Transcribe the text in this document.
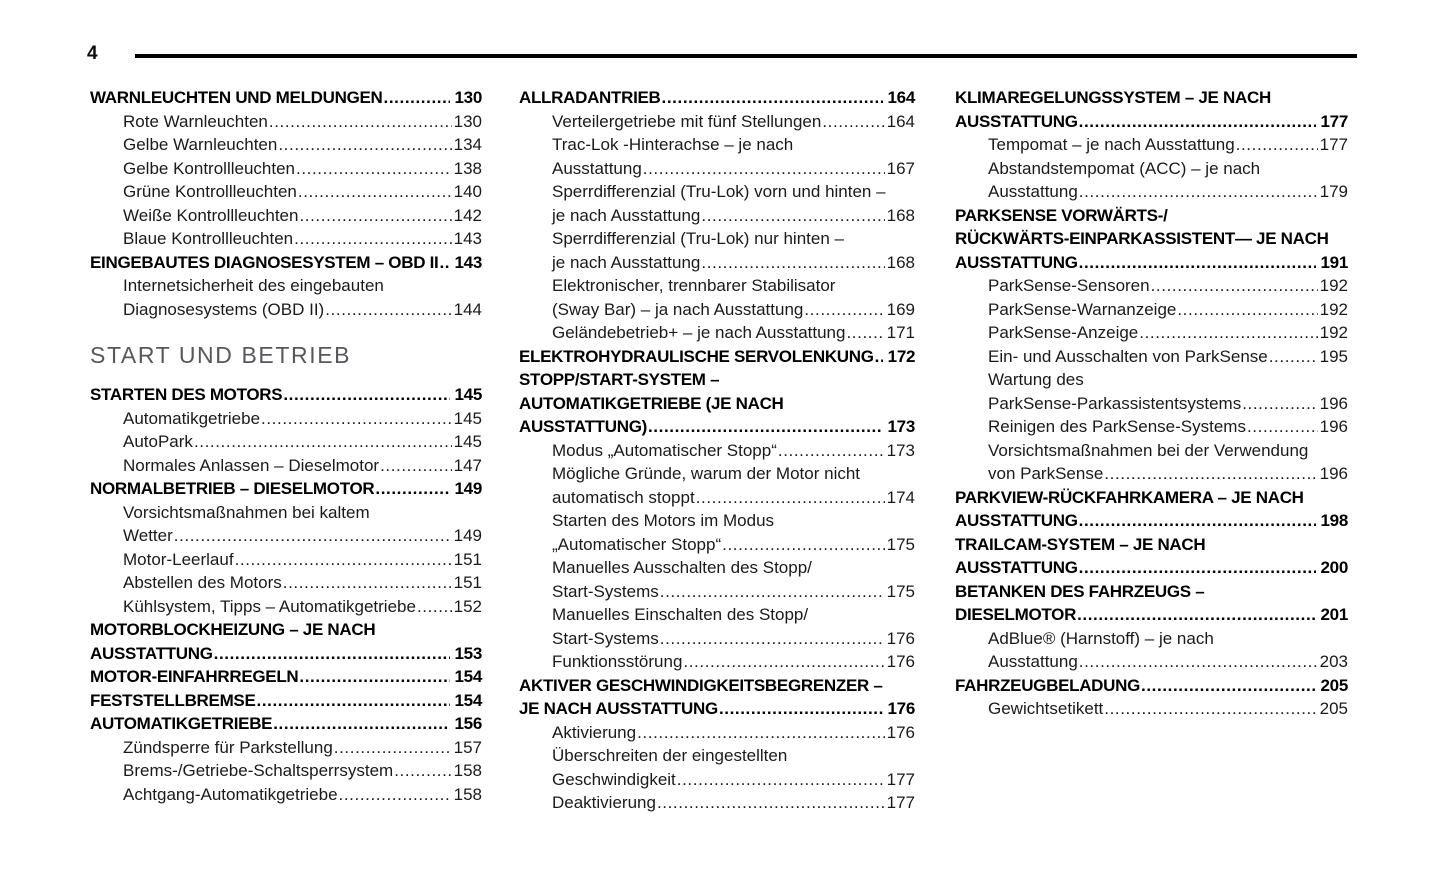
4
WARNLEUCHTEN UND MELDUNGEN .....	130
Rote Warnleuchten .....	130
Gelbe Warnleuchten .....	134
Gelbe Kontrollleuchten .....	138
Grüne Kontrollleuchten .....	140
Weiße Kontrollleuchten .....	142
Blaue Kontrollleuchten .....	143
EINGEBAUTES DIAGNOSESYSTEM – OBD II ..... 143
Internetsicherheit des eingebauten
Diagnosesystems (OBD II) .....	144
START UND BETRIEB
STARTEN DES MOTORS .....	145
Automatikgetriebe .....	145
AutoPark .....	145
Normales Anlassen – Dieselmotor .....	147
NORMALBETRIEB – DIESELMOTOR .....	149
Vorsichtsmaßnahmen bei kaltem
Wetter .....	149
Motor-Leerlauf .....	151
Abstellen des Motors .....	151
Kühlsystem, Tipps – Automatikgetriebe ..... 152
MOTORBLOCKHEIZUNG – JE NACH
AUSSTATTUNG .....	153
MOTOR-EINFAHRREGELN .....	154
FESTSTELLBREMSE .....	154
AUTOMATIKGETRIEBE .....	156
Zündsperre für Parkstellung .....	157
Brems-/Getriebe-Schaltsperrsystem .....	158
Achtgang-Automatikgetriebe .....	158
ALLRADANTRIEB .....	164
Verteilergetriebe mit fünf Stellungen .....	164
Trac-Lok -Hinterachse – je nach
Ausstattung .....	167
Sperrdifferenzial (Tru-Lok) vorn und hinten –
je nach Ausstattung .....	168
Sperrdifferenzial (Tru-Lok) nur hinten –
je nach Ausstattung .....	168
Elektronischer, trennbarer Stabilisator
(Sway Bar) – ja nach Ausstattung .....	169
Geländebetrieb+ – je nach Ausstattung ..... 171
ELEKTROHYDRAULISCHE SERVOLENKUNG ..... 172
STOPP/START-SYSTEM –
AUTOMATIKGETRIEBE (JE NACH
AUSSTATTUNG) .....	173
Modus „Automatischer Stopp“ .....	173
Mögliche Gründe, warum der Motor nicht
automatisch stoppt .....	174
Starten des Motors im Modus
„Automatischer Stopp“ .....	175
Manuelles Ausschalten des Stopp/
Start-Systems .....	175
Manuelles Einschalten des Stopp/
Start-Systems .....	176
Funktionsstörung .....	176
AKTIVER GESCHWINDIGKEITSBEGRENZER –
JE NACH AUSSTATTUNG .....	176
Aktivierung .....	176
Überschreiten der eingestellten
Geschwindigkeit .....	177
Deaktivierung .....	177
KLIMAREGELUNGSSYSTEM – JE NACH
AUSSTATTUNG .....	177
Tempomat – je nach Ausstattung .....	177
Abstandstempomat (ACC) – je nach
Ausstattung .....	179
PARKSENSE VORWÄRTS-/
RÜCKWÄRTS-EINPARKASSISTENT— JE NACH
AUSSTATTUNG .....	191
ParkSense-Sensoren .....	192
ParkSense-Warnanzeige .....	192
ParkSense-Anzeige .....	192
Ein- und Ausschalten von ParkSense .....	195
Wartung des
ParkSense-Parkassistentsystems .....	196
Reinigen des ParkSense-Systems .....	196
Vorsichtsmaßnahmen bei der Verwendung
von ParkSense .....	196
PARKVIEW-RÜCKFAHRKAMERA – JE NACH
AUSSTATTUNG .....	198
TRAILCAM-SYSTEM – JE NACH
AUSSTATTUNG .....	200
BETANKEN DES FAHRZEUGS –
DIESELMOTOR .....	201
AdBlue® (Harnstoff) – je nach
Ausstattung .....	203
FAHRZEUGBELADUNG .....	205
Gewichtsetikett .....	205
